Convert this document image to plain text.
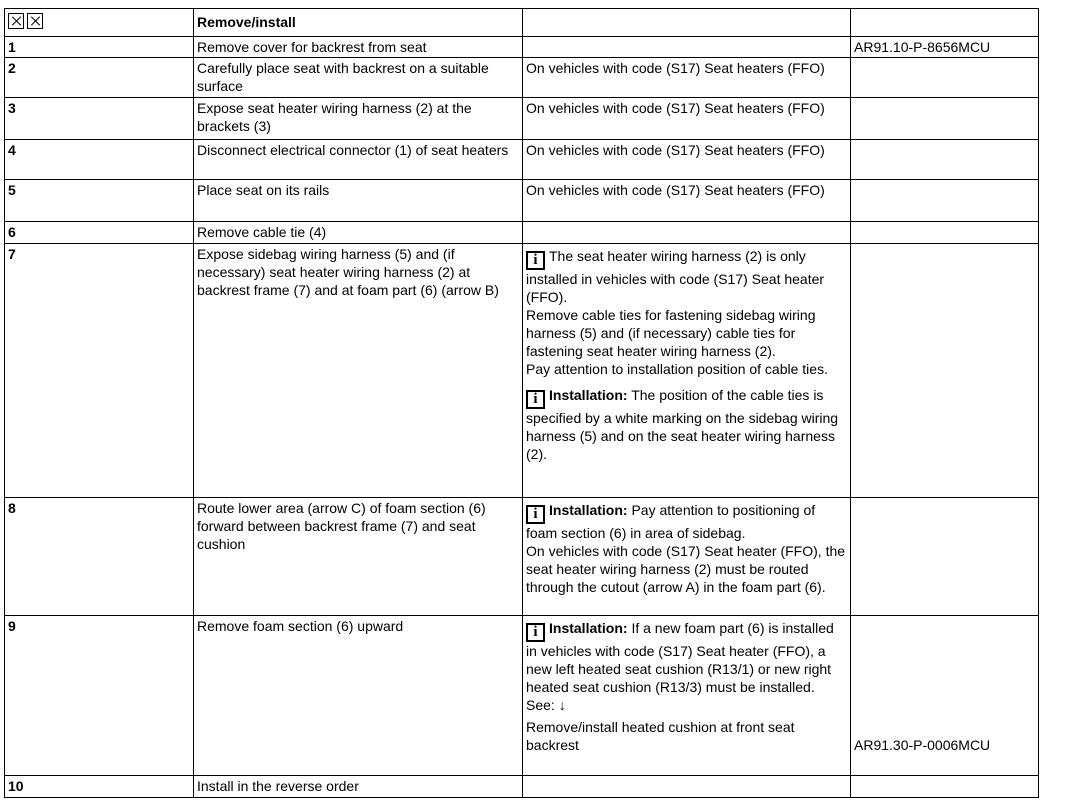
	Remove/install		
1	Remove cover for backrest from seat		AR91.10-P-8656MCU
2	Carefully place seat with backrest on a suitable surface	On vehicles with code (S17) Seat heaters (FFO)	
3	Expose seat heater wiring harness (2) at the brackets (3)	On vehicles with code (S17) Seat heaters (FFO)	
4	Disconnect electrical connector (1) of seat heaters	On vehicles with code (S17) Seat heaters (FFO)	
5	Place seat on its rails	On vehicles with code (S17) Seat heaters (FFO)	
6	Remove cable tie (4)		
7	Expose sidebag wiring harness (5) and (if necessary) seat heater wiring harness (2) at backrest frame (7) and at foam part (6) (arrow B)	i The seat heater wiring harness (2) is only installed in vehicles with code (S17) Seat heater (FFO).
Remove cable ties for fastening sidebag wiring harness (5) and (if necessary) cable ties for fastening seat heater wiring harness (2).
Pay attention to installation position of cable ties.
i Installation: The position of the cable ties is specified by a white marking on the sidebag wiring harness (5) and on the seat heater wiring harness (2).	

8	Route lower area (arrow C) of foam section (6) forward between backrest frame (7) and seat cushion	i Installation: Pay attention to positioning of foam section (6) in area of sidebag.
On vehicles with code (S17) Seat heater (FFO), the seat heater wiring harness (2) must be routed through the cutout (arrow A) in the foam part (6).	

9	Remove foam section (6) upward	i Installation: If a new foam part (6) is installed in vehicles with code (S17) Seat heater (FFO), a new left heated seat cushion (R13/1) or new right heated seat cushion (R13/3) must be installed.
See: ↓
Remove/install heated cushion at front seat backrest	AR91.30-P-0006MCU
10	Install in the reverse order		
